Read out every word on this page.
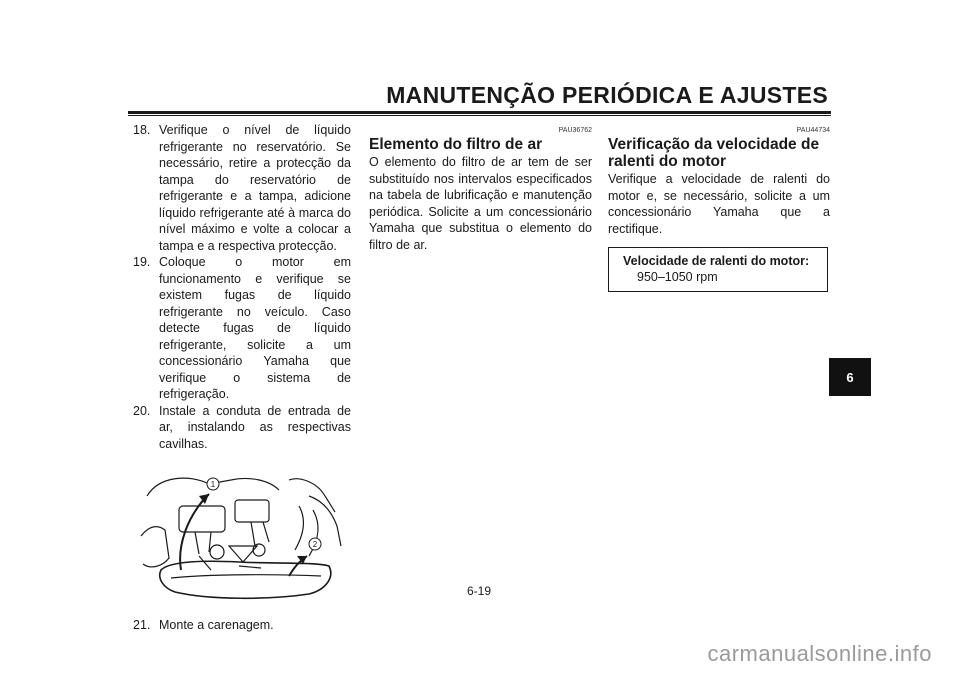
MANUTENÇÃO PERIÓDICA E AJUSTES
18. Verifique o nível de líquido refrigerante no reservatório. Se necessário, retire a protecção da tampa do reservatório de refrigerante e a tampa, adicione líquido refrigerante até à marca do nível máximo e volte a colocar a tampa e a respectiva protecção.
19. Coloque o motor em funcionamento e verifique se existem fugas de líquido refrigerante no veículo. Caso detecte fugas de líquido refrigerante, solicite a um concessionário Yamaha que verifique o sistema de refrigeração.
20. Instale a conduta de entrada de ar, instalando as respectivas cavilhas.
1
2
21. Monte a carenagem.
PAU36762
Elemento do filtro de ar

O elemento do filtro de ar tem de ser substituído nos intervalos especificados na tabela de lubrificação e manutenção periódica. Solicite a um concessionário Yamaha que substitua o elemento do filtro de ar.

PAU44734
Verificação da velocidade de ralenti do motor

Verifique a velocidade de ralenti do motor e, se necessário, solicite a um concessionário Yamaha que a rectifique.

Velocidade de ralenti do motor:
950–1050 rpm
6
6-19
carmanualsonline.info
